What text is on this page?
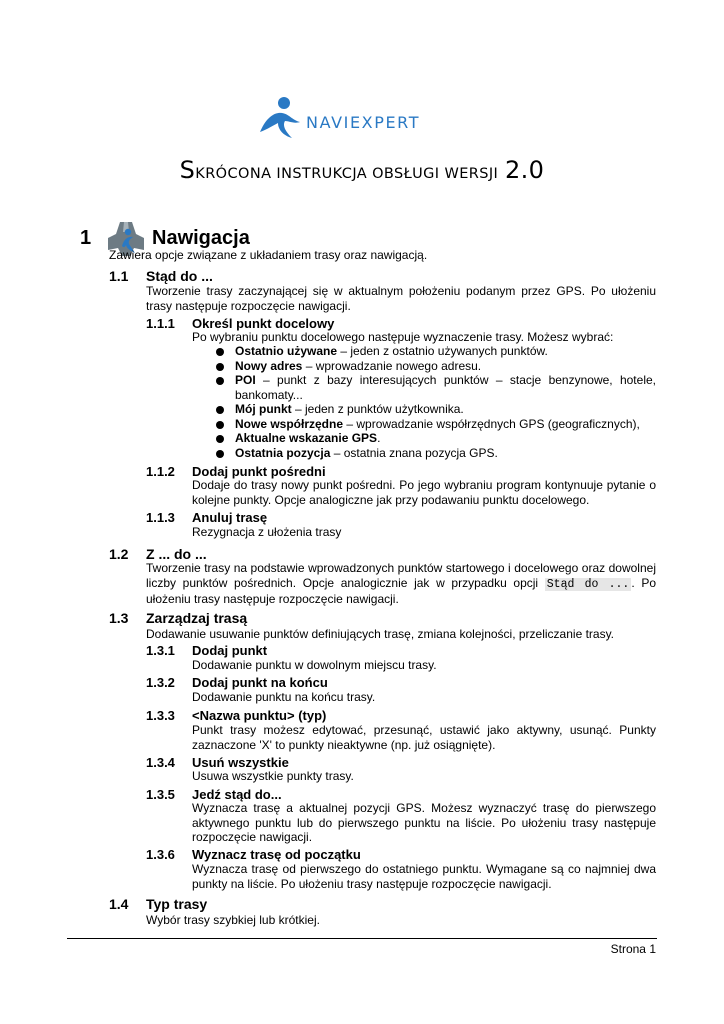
NAVIEXPERT
SKRÓCONA INSTRUKCJA OBSŁUGI WERSJI 2.0
1	Nawigacja
Zawiera opcje związane z układaniem trasy oraz nawigacją.
1.1 Stąd do ...
Tworzenie trasy zaczynającej się w aktualnym położeniu podanym przez GPS. Po ułożeniu trasy następuje rozpoczęcie nawigacji.
1.1.1 Określ punkt docelowy
Po wybraniu punktu docelowego następuje wyznaczenie trasy. Możesz wybrać:
Ostatnio używane – jeden z ostatnio używanych punktów.
Nowy adres – wprowadzanie nowego adresu.
POI – punkt z bazy interesujących punktów – stacje benzynowe, hotele, bankomaty...
Mój punkt – jeden z punktów użytkownika.
Nowe współrzędne – wprowadzanie współrzędnych GPS (geograficznych),
Aktualne wskazanie GPS.
Ostatnia pozycja – ostatnia znana pozycja GPS.
1.1.2 Dodaj punkt pośredni
Dodaje do trasy nowy punkt pośredni. Po jego wybraniu program kontynuuje pytanie o kolejne punkty. Opcje analogiczne jak przy podawaniu punktu docelowego.
1.1.3 Anuluj trasę
Rezygnacja z ułożenia trasy
1.2 Z ... do ...
Tworzenie trasy na podstawie wprowadzonych punktów startowego i docelowego oraz dowolnej liczby punktów pośrednich. Opcje analogicznie jak w przypadku opcji Stąd do ... . Po ułożeniu trasy następuje rozpoczęcie nawigacji.
1.3 Zarządzaj trasą
Dodawanie usuwanie punktów definiujących trasę, zmiana kolejności, przeliczanie trasy.
1.3.1 Dodaj punkt
Dodawanie punktu w dowolnym miejscu trasy.
1.3.2 Dodaj punkt na końcu
Dodawanie punktu na końcu trasy.
1.3.3 <Nazwa punktu> (typ)
Punkt trasy możesz edytować, przesunąć, ustawić jako aktywny, usunąć. Punkty zaznaczone 'X' to punkty nieaktywne (np. już osiągnięte).
1.3.4 Usuń wszystkie
Usuwa wszystkie punkty trasy.
1.3.5 Jedź stąd do...
Wyznacza trasę a aktualnej pozycji GPS. Możesz wyznaczyć trasę do pierwszego aktywnego punktu lub do pierwszego punktu na liście. Po ułożeniu trasy następuje rozpoczęcie nawigacji.
1.3.6 Wyznacz trasę od początku
Wyznacza trasę od pierwszego do ostatniego punktu. Wymagane są co najmniej dwa punkty na liście. Po ułożeniu trasy następuje rozpoczęcie nawigacji.
1.4 Typ trasy
Wybór trasy szybkiej lub krótkiej.
Strona 1
